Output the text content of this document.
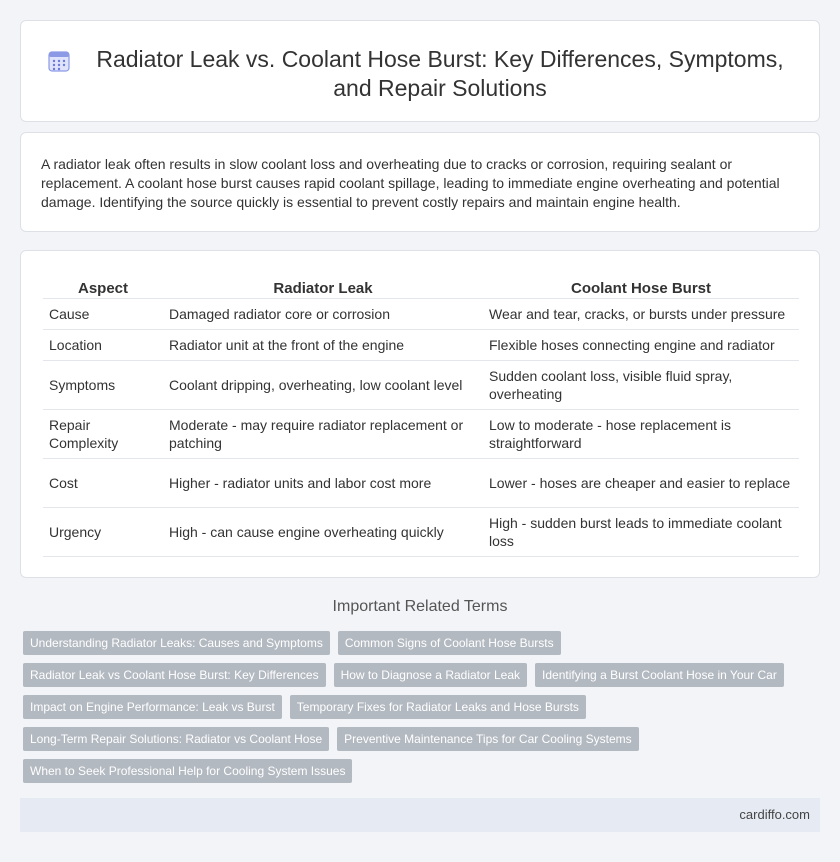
Radiator Leak vs. Coolant Hose Burst: Key Differences, Symptoms, and Repair Solutions

A radiator leak often results in slow coolant loss and overheating due to cracks or corrosion, requiring sealant or replacement. A coolant hose burst causes rapid coolant spillage, leading to immediate engine overheating and potential damage. Identifying the source quickly is essential to prevent costly repairs and maintain engine health.

Aspect	Radiator Leak	Coolant Hose Burst
Cause	Damaged radiator core or corrosion	Wear and tear, cracks, or bursts under pressure
Location	Radiator unit at the front of the engine	Flexible hoses connecting engine and radiator
Symptoms	Coolant dripping, overheating, low coolant level	Sudden coolant loss, visible fluid spray, overheating
Repair Complexity	Moderate - may require radiator replacement or patching	Low to moderate - hose replacement is straightforward
Cost	Higher - radiator units and labor cost more	Lower - hoses are cheaper and easier to replace
Urgency	High - can cause engine overheating quickly	High - sudden burst leads to immediate coolant loss
Important Related Terms
Understanding Radiator Leaks: Causes and Symptoms	Common Signs of Coolant Hose Bursts
Radiator Leak vs Coolant Hose Burst: Key Differences	How to Diagnose a Radiator Leak	Identifying a Burst Coolant Hose in Your Car
Impact on Engine Performance: Leak vs Burst	Temporary Fixes for Radiator Leaks and Hose Bursts
Long-Term Repair Solutions: Radiator vs Coolant Hose	Preventive Maintenance Tips for Car Cooling Systems
When to Seek Professional Help for Cooling System Issues
cardiffo.com
